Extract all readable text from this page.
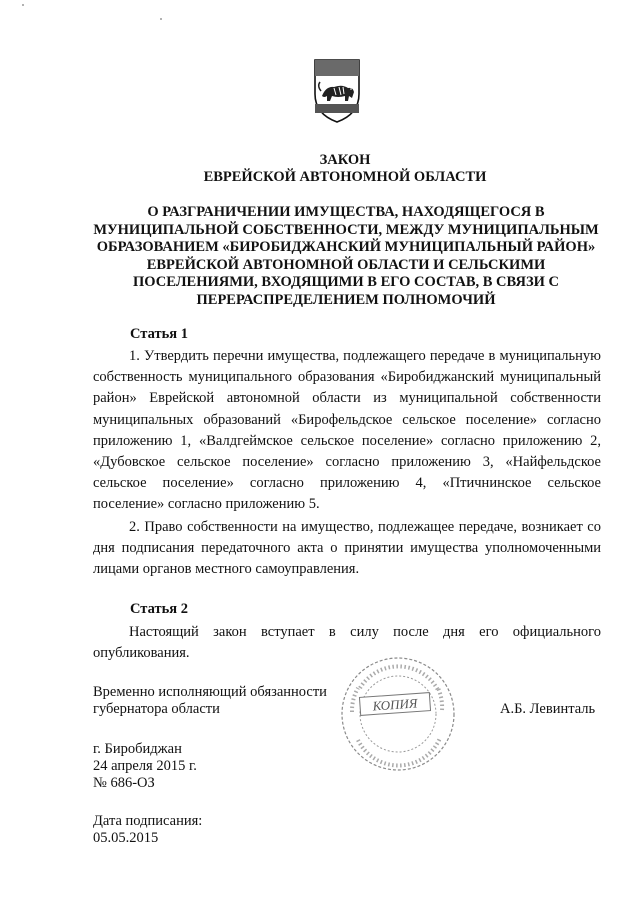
ЗАКОН
ЕВРЕЙСКОЙ АВТОНОМНОЙ ОБЛАСТИ
О РАЗГРАНИЧЕНИИ ИМУЩЕСТВА, НАХОДЯЩЕГОСЯ В МУНИЦИПАЛЬНОЙ СОБСТВЕННОСТИ, МЕЖДУ МУНИЦИПАЛЬНЫМ ОБРАЗОВАНИЕМ «БИРОБИДЖАНСКИЙ МУНИЦИПАЛЬНЫЙ РАЙОН» ЕВРЕЙСКОЙ АВТОНОМНОЙ ОБЛАСТИ И СЕЛЬСКИМИ ПОСЕЛЕНИЯМИ, ВХОДЯЩИМИ В ЕГО СОСТАВ, В СВЯЗИ С ПЕРЕРАСПРЕДЕЛЕНИЕМ ПОЛНОМОЧИЙ
Статья 1
1. Утвердить перечни имущества, подлежащего передаче в муниципальную собственность муниципального образования «Биробиджанский муниципальный район» Еврейской автономной области из муниципальной собственности муниципальных образований «Бирофельдское сельское поселение» согласно приложению 1, «Валдгеймское сельское поселение» согласно приложению 2, «Дубовское сельское поселение» согласно приложению 3, «Найфельдское сельское поселение» согласно приложению 4, «Птичнинское сельское поселение» согласно приложению 5.
2. Право собственности на имущество, подлежащее передаче, возникает со дня подписания передаточного акта о принятии имущества уполномоченными лицами органов местного самоуправления.
Статья 2
Настоящий закон вступает в силу после дня его официального опубликования.
Временно исполняющий обязанности
губернатора области	А.Б. Левинталь
КОПИЯ
г. Биробиджан
24 апреля 2015 г.
№ 686-ОЗ
Дата подписания:
05.05.2015
